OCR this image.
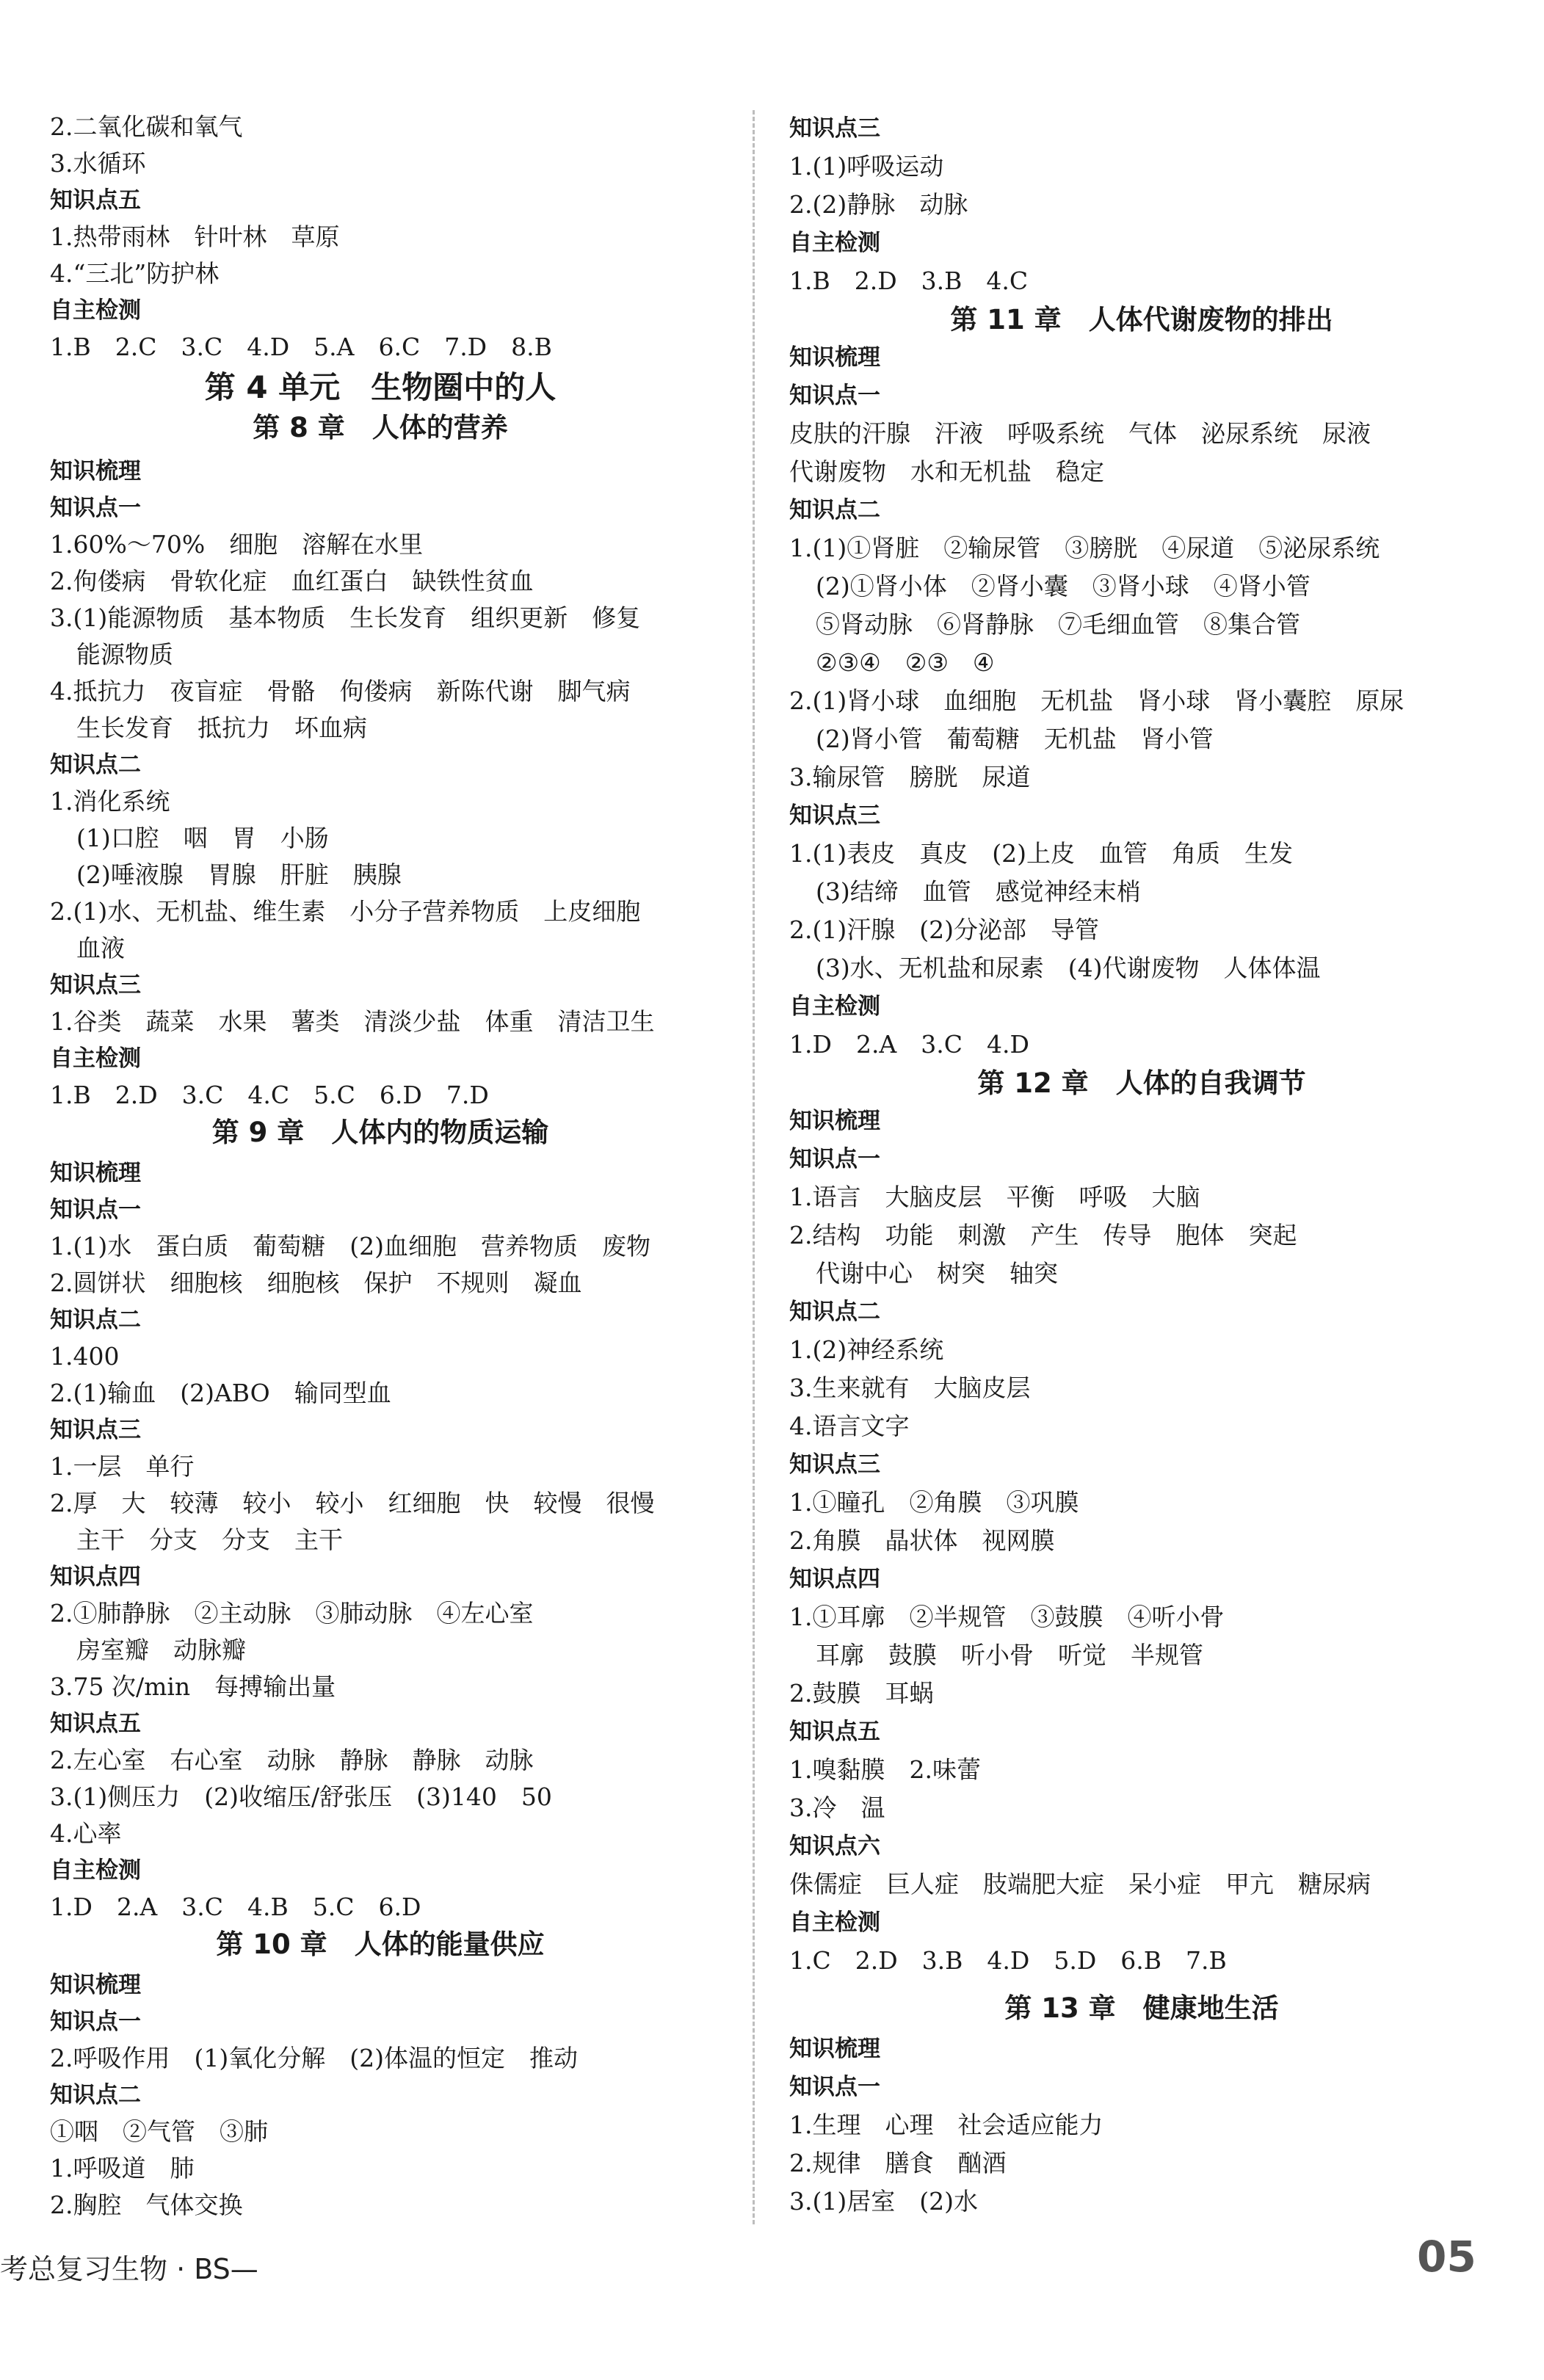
2.二氧化碳和氧气
3.水循环
知识点五
1.热带雨林　针叶林　草原
4.“三北”防护林
自主检测
1.B　2.C　3.C　4.D　5.A　6.C　7.D　8.B
第 4 单元　生物圈中的人
第 8 章　人体的营养
知识梳理
知识点一
1.60%～70%　细胞　溶解在水里
2.佝偻病　骨软化症　血红蛋白　缺铁性贫血
3.(1)能源物质　基本物质　生长发育　组织更新　修复
能源物质
4.抵抗力　夜盲症　骨骼　佝偻病　新陈代谢　脚气病
生长发育　抵抗力　坏血病
知识点二
1.消化系统
(1)口腔　咽　胃　小肠
(2)唾液腺　胃腺　肝脏　胰腺
2.(1)水、无机盐、维生素　小分子营养物质　上皮细胞
血液
知识点三
1.谷类　蔬菜　水果　薯类　清淡少盐　体重　清洁卫生
自主检测
1.B　2.D　3.C　4.C　5.C　6.D　7.D
第 9 章　人体内的物质运输
知识梳理
知识点一
1.(1)水　蛋白质　葡萄糖　(2)血细胞　营养物质　废物
2.圆饼状　细胞核　细胞核　保护　不规则　凝血
知识点二
1.400
2.(1)输血　(2)ABO　输同型血
知识点三
1.一层　单行
2.厚　大　较薄　较小　较小　红细胞　快　较慢　很慢
主干　分支　分支　主干
知识点四
2.①肺静脉　②主动脉　③肺动脉　④左心室
房室瓣　动脉瓣
3.75 次/min　每搏输出量
知识点五
2.左心室　右心室　动脉　静脉　静脉　动脉
3.(1)侧压力　(2)收缩压/舒张压　(3)140　50
4.心率
自主检测
1.D　2.A　3.C　4.B　5.C　6.D
第 10 章　人体的能量供应
知识梳理
知识点一
2.呼吸作用　(1)氧化分解　(2)体温的恒定　推动
知识点二
①咽　②气管　③肺
1.呼吸道　肺
2.胸腔　气体交换
知识点三
1.(1)呼吸运动
2.(2)静脉　动脉
自主检测
1.B　2.D　3.B　4.C
第 11 章　人体代谢废物的排出
知识梳理
知识点一
皮肤的汗腺　汗液　呼吸系统　气体　泌尿系统　尿液
代谢废物　水和无机盐　稳定
知识点二
1.(1)①肾脏　②输尿管　③膀胱　④尿道　⑤泌尿系统
(2)①肾小体　②肾小囊　③肾小球　④肾小管
⑤肾动脉　⑥肾静脉　⑦毛细血管　⑧集合管
②③④　②③　④
2.(1)肾小球　血细胞　无机盐　肾小球　肾小囊腔　原尿
(2)肾小管　葡萄糖　无机盐　肾小管
3.输尿管　膀胱　尿道
知识点三
1.(1)表皮　真皮　(2)上皮　血管　角质　生发
(3)结缔　血管　感觉神经末梢
2.(1)汗腺　(2)分泌部　导管
(3)水、无机盐和尿素　(4)代谢废物　人体体温
自主检测
1.D　2.A　3.C　4.D
第 12 章　人体的自我调节
知识梳理
知识点一
1.语言　大脑皮层　平衡　呼吸　大脑
2.结构　功能　刺激　产生　传导　胞体　突起
代谢中心　树突　轴突
知识点二
1.(2)神经系统
3.生来就有　大脑皮层
4.语言文字
知识点三
1.①瞳孔　②角膜　③巩膜
2.角膜　晶状体　视网膜
知识点四
1.①耳廓　②半规管　③鼓膜　④听小骨
耳廓　鼓膜　听小骨　听觉　半规管
2.鼓膜　耳蜗
知识点五
1.嗅黏膜　2.味蕾
3.冷　温
知识点六
侏儒症　巨人症　肢端肥大症　呆小症　甲亢　糖尿病
自主检测
1.C　2.D　3.B　4.D　5.D　6.B　7.B
第 13 章　健康地生活
知识梳理
知识点一
1.生理　心理　社会适应能力
2.规律　膳食　酗酒
3.(1)居室　(2)水
考总复习生物 · BS—	05
